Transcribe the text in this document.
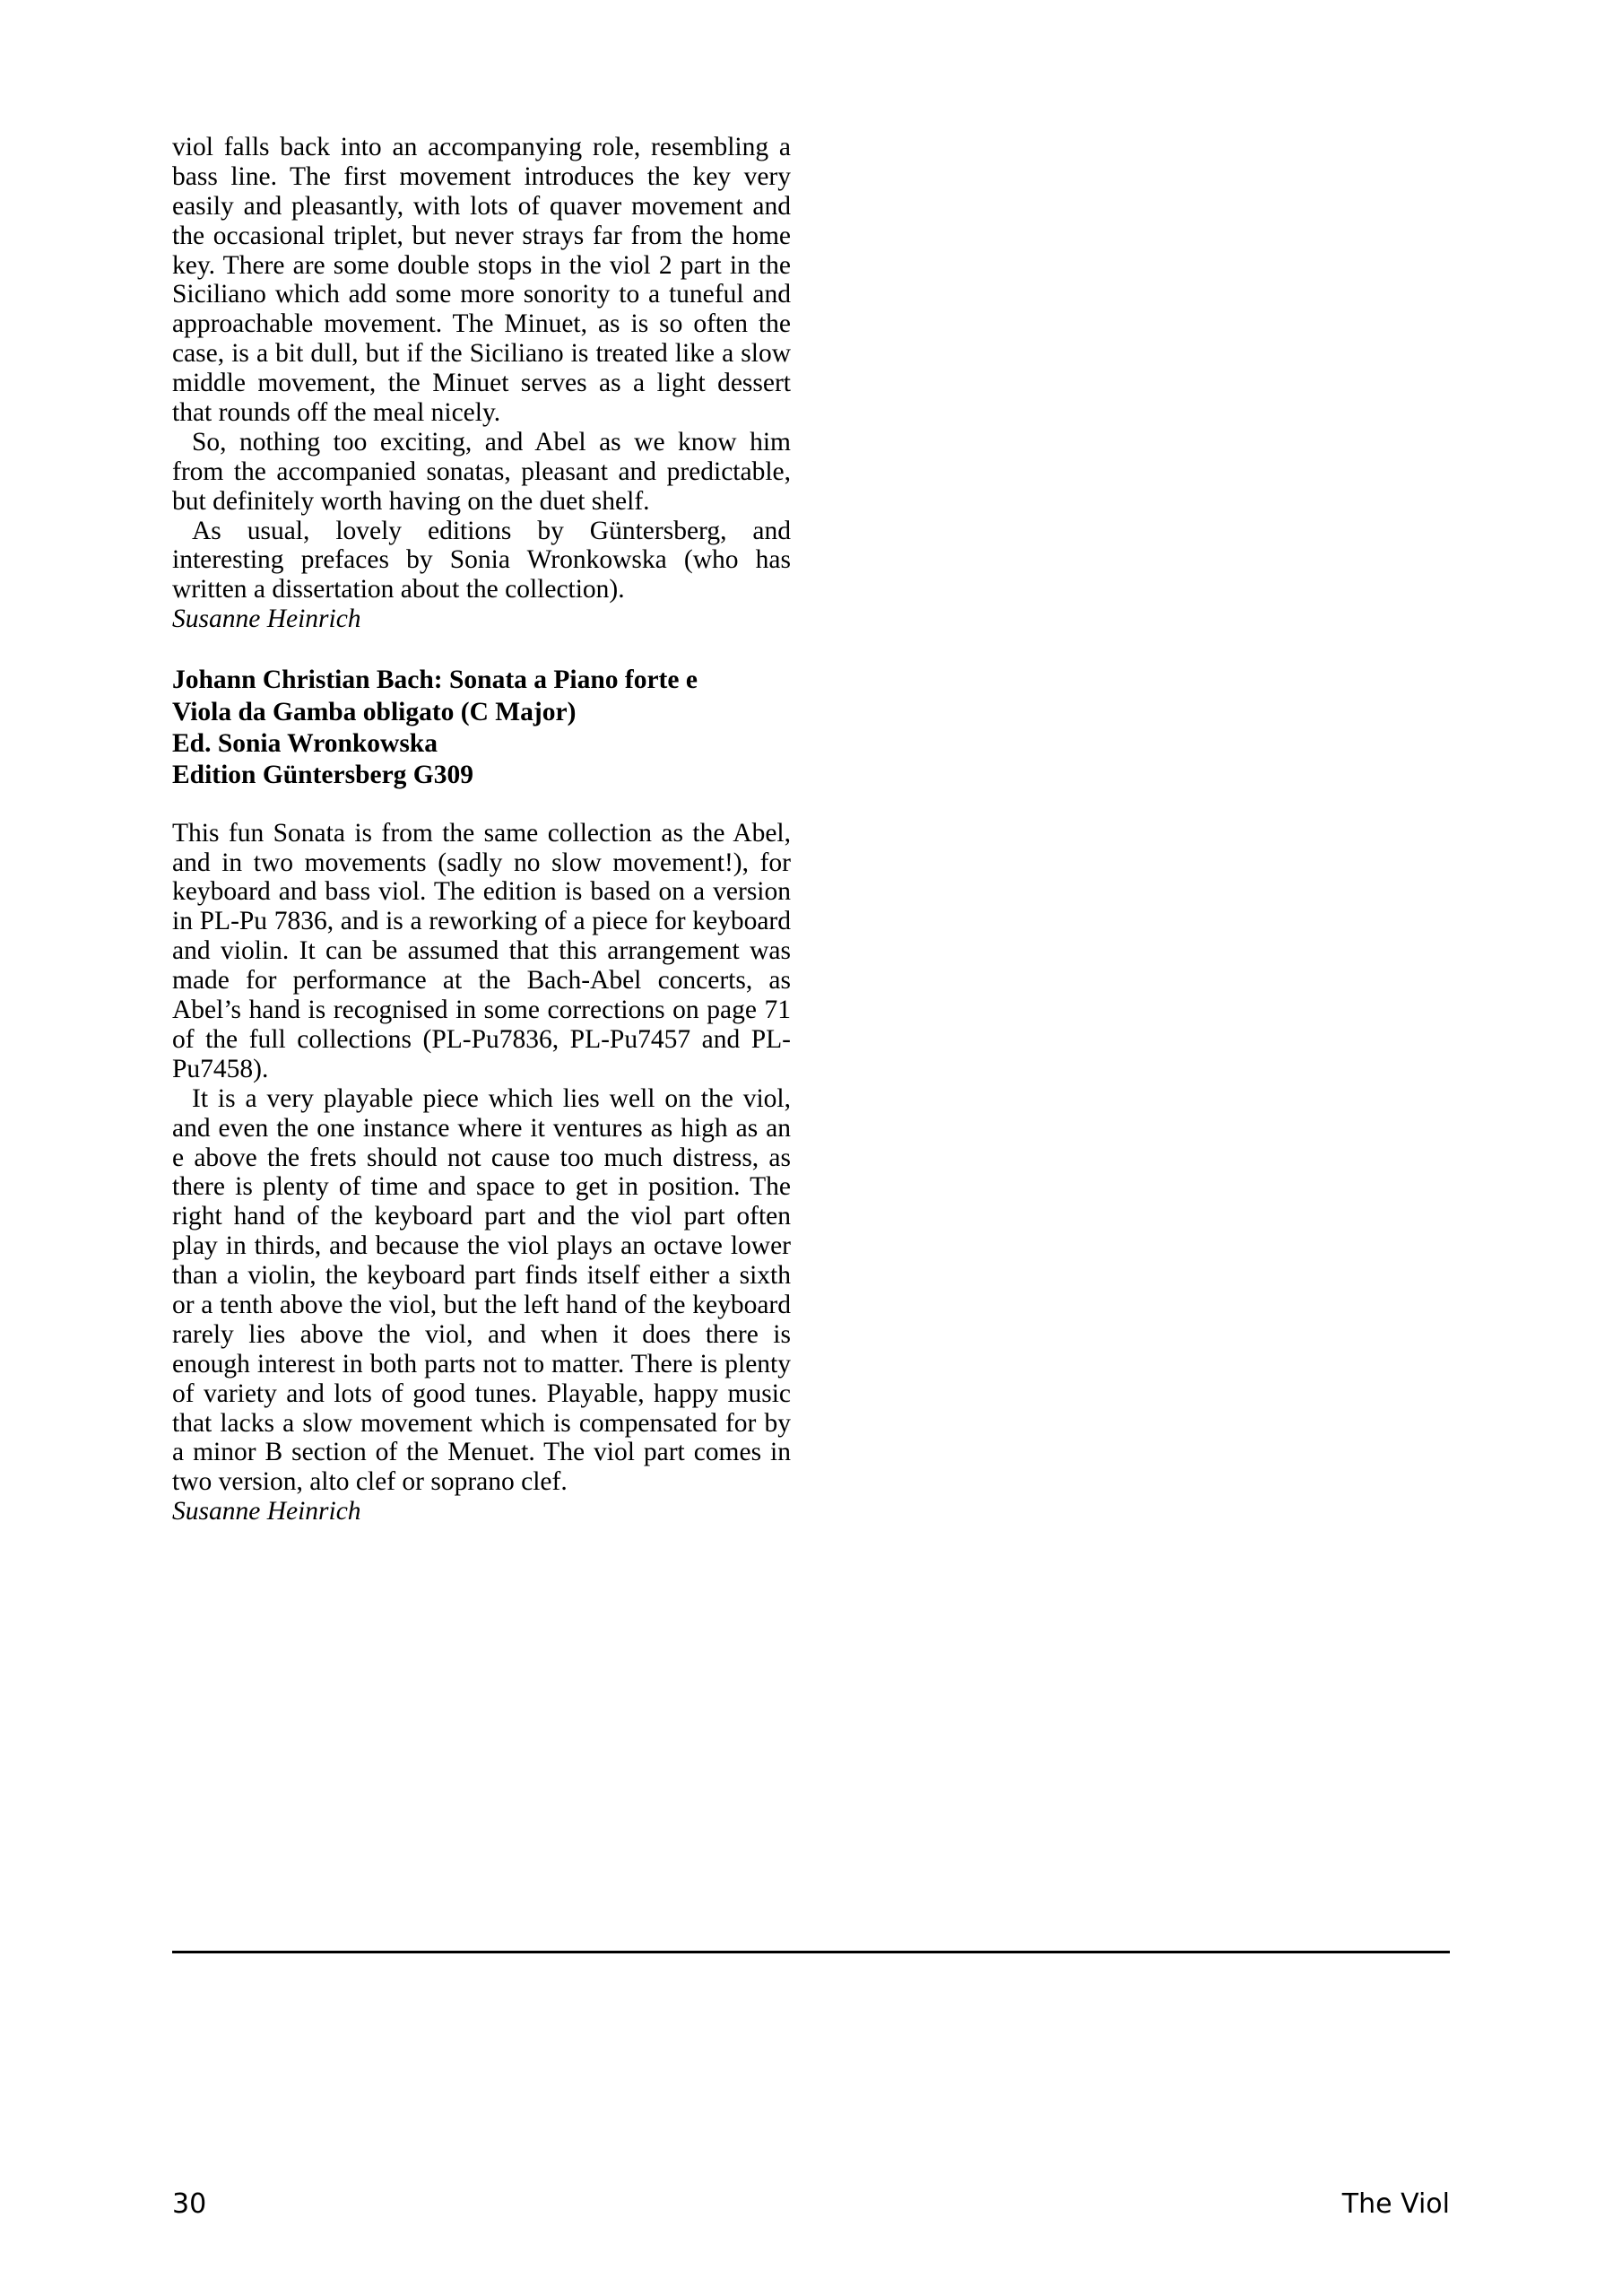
viol falls back into an accompanying role, resembling a bass line. The first movement introduces the key very easily and pleasantly, with lots of quaver movement and the occasional triplet, but never strays far from the home key. There are some double stops in the viol 2 part in the Siciliano which add some more sonority to a tuneful and approachable movement. The Minuet, as is so often the case, is a bit dull, but if the Siciliano is treated like a slow middle movement, the Minuet serves as a light dessert that rounds off the meal nicely.

So, nothing too exciting, and Abel as we know him from the accompanied sonatas, pleasant and predictable, but definitely worth having on the duet shelf.

As usual, lovely editions by Güntersberg, and interesting prefaces by Sonia Wronkowska (who has written a dissertation about the collection).

Susanne Heinrich

Johann Christian Bach: Sonata a Piano forte e
Viola da Gamba obligato (C Major)
Ed. Sonia Wronkowska
Edition Güntersberg G309

This fun Sonata is from the same collection as the Abel, and in two movements (sadly no slow movement!), for keyboard and bass viol. The edition is based on a version in PL-Pu 7836, and is a reworking of a piece for keyboard and violin. It can be assumed that this arrangement was made for performance at the Bach-Abel concerts, as Abel’s hand is recognised in some corrections on page 71 of the full collections (PL-Pu7836, PL-Pu7457 and PL-Pu7458).

It is a very playable piece which lies well on the viol, and even the one instance where it ventures as high as an e above the frets should not cause too much distress, as there is plenty of time and space to get in position. The right hand of the keyboard part and the viol part often play in thirds, and because the viol plays an octave lower than a violin, the keyboard part finds itself either a sixth or a tenth above the viol, but the left hand of the keyboard rarely lies above the viol, and when it does there is enough interest in both parts not to matter. There is plenty of variety and lots of good tunes. Playable, happy music that lacks a slow movement which is compensated for by a minor B section of the Menuet. The viol part comes in two version, alto clef or soprano clef.

Susanne Heinrich

30	The Viol
